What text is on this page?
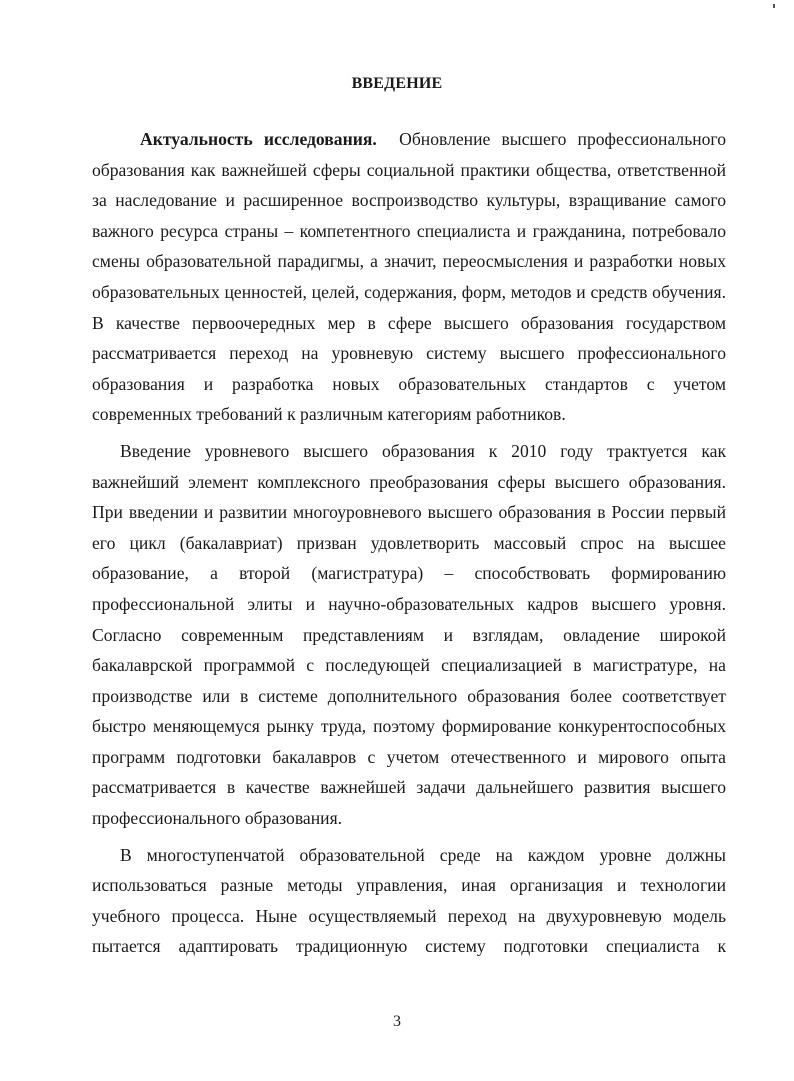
ВВЕДЕНИЕ

Актуальность исследования. Обновление высшего профессионального образования как важнейшей сферы социальной практики общества, ответственной за наследование и расширенное воспроизводство культуры, взращивание самого важного ресурса страны – компетентного специалиста и гражданина, потребовало смены образовательной парадигмы, а значит, переосмысления и разработки новых образовательных ценностей, целей, содержания, форм, методов и средств обучения. В качестве первоочередных мер в сфере высшего образования государством рассматривается переход на уровневую систему высшего профессионального образования и разработка новых образовательных стандартов с учетом современных требований к различным категориям работников.

Введение уровневого высшего образования к 2010 году трактуется как важнейший элемент комплексного преобразования сферы высшего образования. При введении и развитии многоуровневого высшего образования в России первый его цикл (бакалавриат) призван удовлетворить массовый спрос на высшее образование, а второй (магистратура) – способствовать формированию профессиональной элиты и научно-образовательных кадров высшего уровня. Согласно современным представлениям и взглядам, овладение широкой бакалаврской программой с последующей специализацией в магистратуре, на производстве или в системе дополнительного образования более соответствует быстро меняющемуся рынку труда, поэтому формирование конкурентоспособных программ подготовки бакалавров с учетом отечественного и мирового опыта рассматривается в качестве важнейшей задачи дальнейшего развития высшего профессионального образования.

В многоступенчатой образовательной среде на каждом уровне должны использоваться разные методы управления, иная организация и технологии учебного процесса. Ныне осуществляемый переход на двухуровневую модель пытается адаптировать традиционную систему подготовки специалиста к

3
